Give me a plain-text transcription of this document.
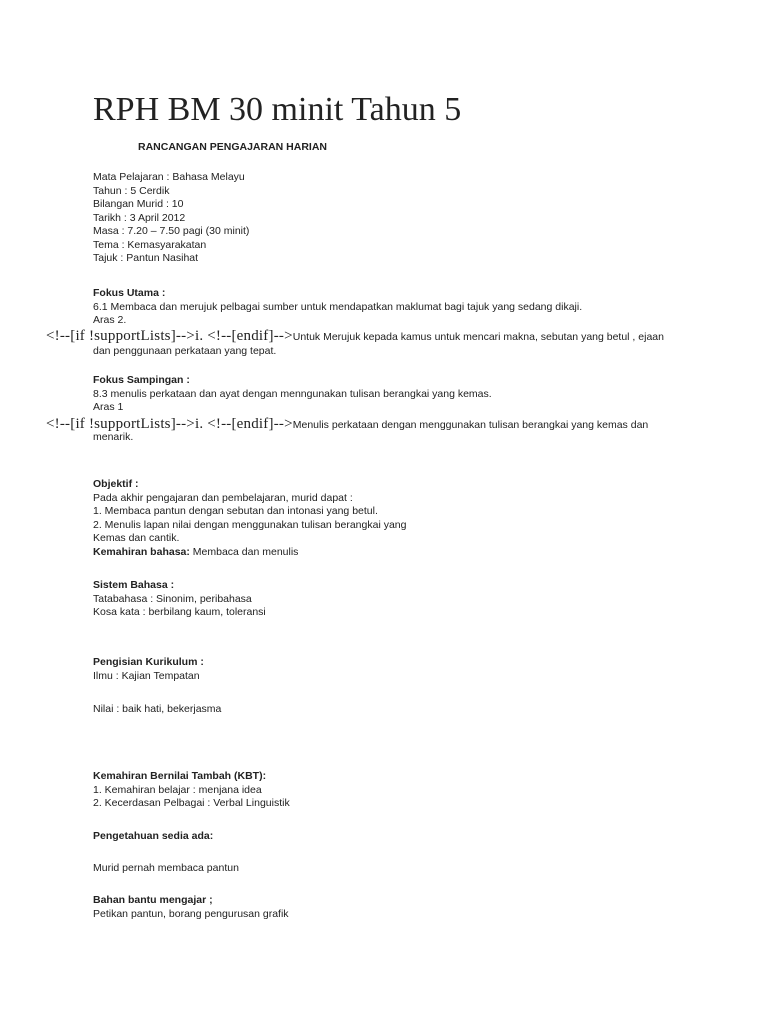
RPH BM 30 minit Tahun 5
RANCANGAN PENGAJARAN HARIAN
Mata Pelajaran : Bahasa Melayu
Tahun : 5 Cerdik
Bilangan Murid : 10
Tarikh : 3 April 2012
Masa : 7.20 – 7.50 pagi (30 minit)
Tema : Kemasyarakatan
Tajuk : Pantun Nasihat
Fokus Utama :
6.1 Membaca dan merujuk pelbagai sumber untuk mendapatkan maklumat bagi tajuk yang sedang dikaji.
Aras 2.
<!--[if !supportLists]-->i. <!--[endif]-->Untuk Merujuk kepada kamus untuk mencari makna, sebutan yang betul , ejaan
dan penggunaan perkataan yang tepat.
Fokus Sampingan :
8.3 menulis perkataan dan ayat dengan menngunakan tulisan berangkai yang kemas.
Aras 1
<!--[if !supportLists]-->i. <!--[endif]-->Menulis perkataan dengan menggunakan tulisan berangkai yang kemas dan
menarik.
Objektif :
Pada akhir pengajaran dan pembelajaran, murid dapat :
1. Membaca pantun dengan sebutan dan intonasi yang betul.
2. Menulis lapan nilai dengan menggunakan tulisan berangkai yang
Kemas dan cantik.
Kemahiran bahasa: Membaca dan menulis
Sistem Bahasa :
Tatabahasa : Sinonim, peribahasa
Kosa kata : berbilang kaum, toleransi
Pengisian Kurikulum :
Ilmu : Kajian Tempatan
Nilai : baik hati, bekerjasma
Kemahiran Bernilai Tambah (KBT):
1. Kemahiran belajar : menjana idea
2. Kecerdasan Pelbagai : Verbal Linguistik
Pengetahuan sedia ada:
Murid pernah membaca pantun
Bahan bantu mengajar ;
Petikan pantun, borang pengurusan grafik
